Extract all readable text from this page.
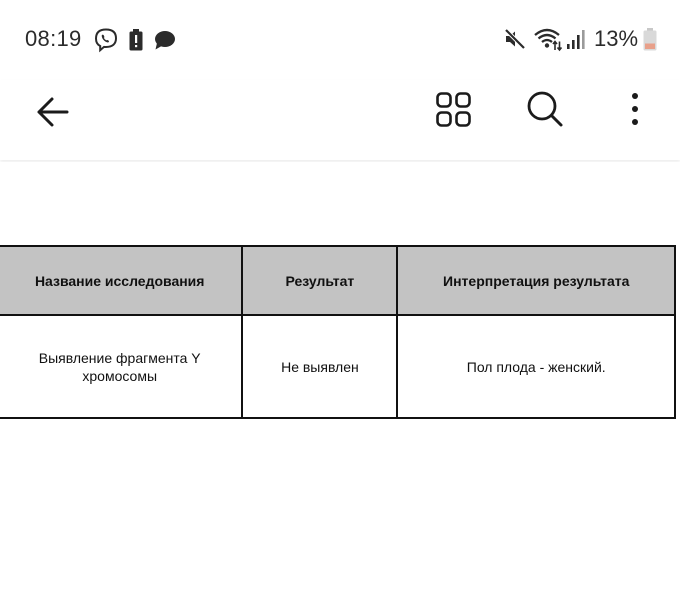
08:19	13%
Название исследования	Результат	Интерпретация результата
Выявление фрагмента Y хромосомы	Не выявлен	Пол плода - женский.
